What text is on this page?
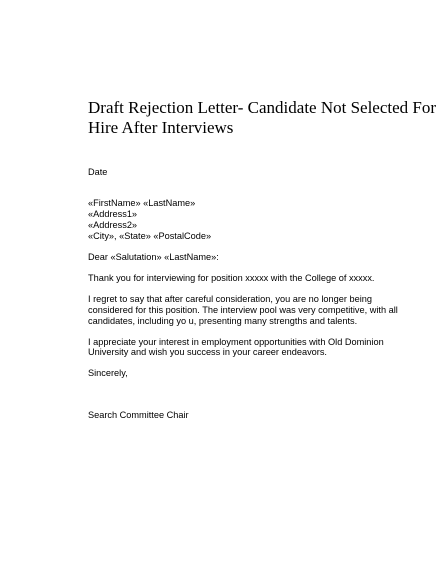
Draft Rejection Letter- Candidate Not Selected For
Hire After Interviews

Date

«FirstName» «LastName»

«Address1»

«Address2»

«City», «State» «PostalCode»

Dear «Salutation» «LastName»:

Thank you for interviewing for position xxxxx with the College of xxxxx.

I regret to say that after careful consideration, you are no longer being

considered for this position. The interview pool was very competitive, with all

candidates, including yo u, presenting many strengths and talents.

I appreciate your interest in employment opportunities with Old Dominion

University and wish you success in your career endeavors.

Sincerely,

Search Committee Chair
